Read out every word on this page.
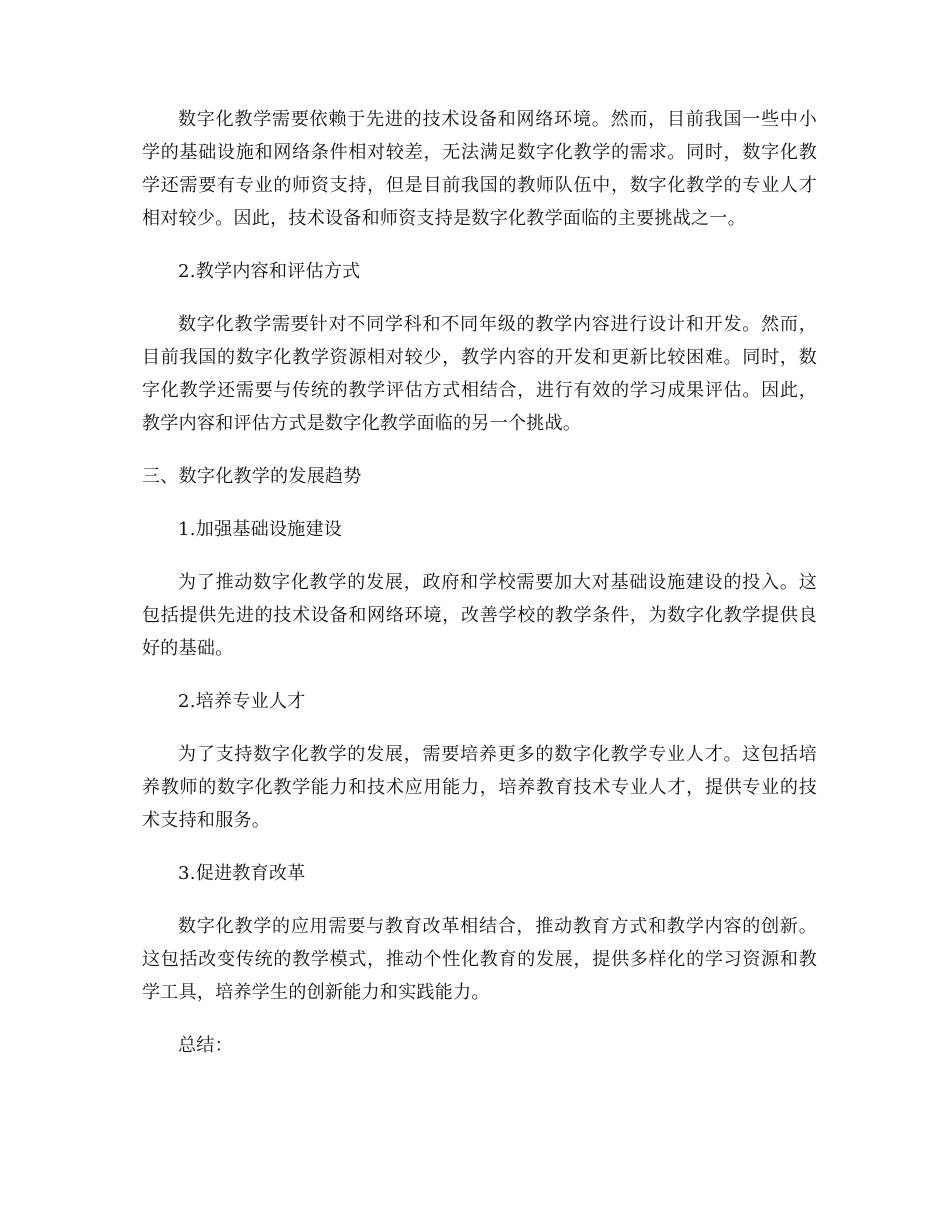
数字化教学需要依赖于先进的技术设备和网络环境。然而，目前我国一些中小学的基础设施和网络条件相对较差，无法满足数字化教学的需求。同时，数字化教学还需要有专业的师资支持，但是目前我国的教师队伍中，数字化教学的专业人才相对较少。因此，技术设备和师资支持是数字化教学面临的主要挑战之一。

2.教学内容和评估方式

数字化教学需要针对不同学科和不同年级的教学内容进行设计和开发。然而，目前我国的数字化教学资源相对较少，教学内容的开发和更新比较困难。同时，数字化教学还需要与传统的教学评估方式相结合，进行有效的学习成果评估。因此，教学内容和评估方式是数字化教学面临的另一个挑战。

三、数字化教学的发展趋势

1.加强基础设施建设

为了推动数字化教学的发展，政府和学校需要加大对基础设施建设的投入。这包括提供先进的技术设备和网络环境，改善学校的教学条件，为数字化教学提供良好的基础。

2.培养专业人才

为了支持数字化教学的发展，需要培养更多的数字化教学专业人才。这包括培养教师的数字化教学能力和技术应用能力，培养教育技术专业人才，提供专业的技术支持和服务。

3.促进教育改革

数字化教学的应用需要与教育改革相结合，推动教育方式和教学内容的创新。这包括改变传统的教学模式，推动个性化教育的发展，提供多样化的学习资源和教学工具，培养学生的创新能力和实践能力。

总结：
